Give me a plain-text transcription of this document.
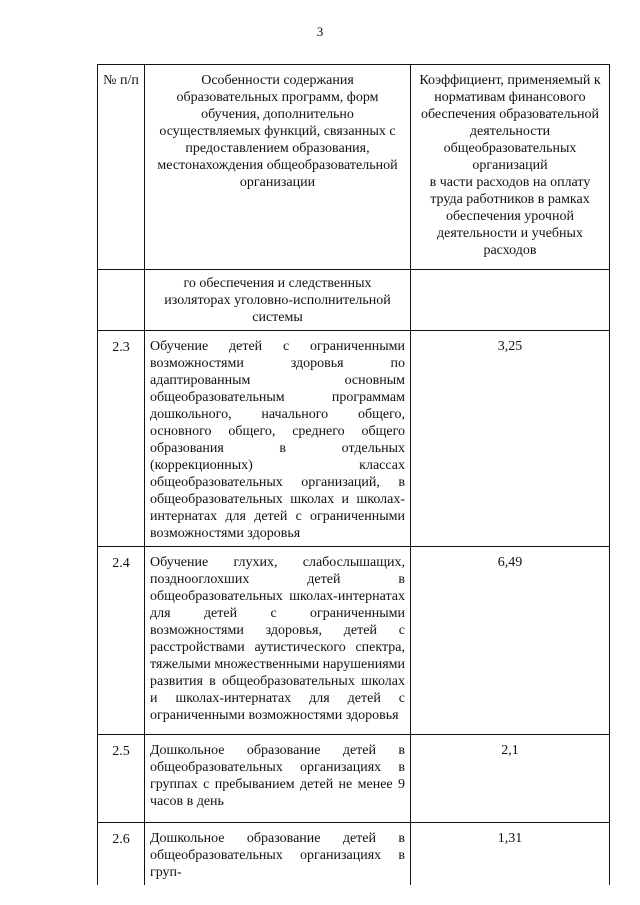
3
№ п/п	Особенности содержания образовательных программ, форм обучения, дополнительно осуществляемых функций, связанных с предоставлением образования, местонахождения общеобразовательной организации	Коэффициент, применяемый к нормативам финансового обеспечения образовательной деятельности общеобразовательных организаций
в части расходов на оплату труда работников в рамках обеспечения урочной деятельности и учебных расходов

	го обеспечения и следственных изоляторах уголовно-исполнительной системы	
2.3	Обучение детей с ограниченными возможностями здоровья по адаптированным основным общеобразовательным программам дошкольного, начального общего, основного общего, среднего общего образования в отдельных (коррекционных) классах общеобразовательных организаций, в общеобразовательных школах и школах-интернатах для детей с ограниченными возможностями здоровья	3,25
2.4	Обучение глухих, слабослышащих, позднооглохших детей в общеобразовательных школах-интернатах для детей с ограниченными возможностями здоровья, детей с расстройствами аутистического спектра, тяжелыми множественными нарушениями развития в общеобразовательных школах и школах-интернатах для детей с ограниченными возможностями здоровья	6,49
2.5	Дошкольное образование детей в общеобразовательных организациях в группах с пребыванием детей не менее 9 часов в день	2,1
2.6	Дошкольное образование детей в общеобразовательных организациях в груп-	1,31
